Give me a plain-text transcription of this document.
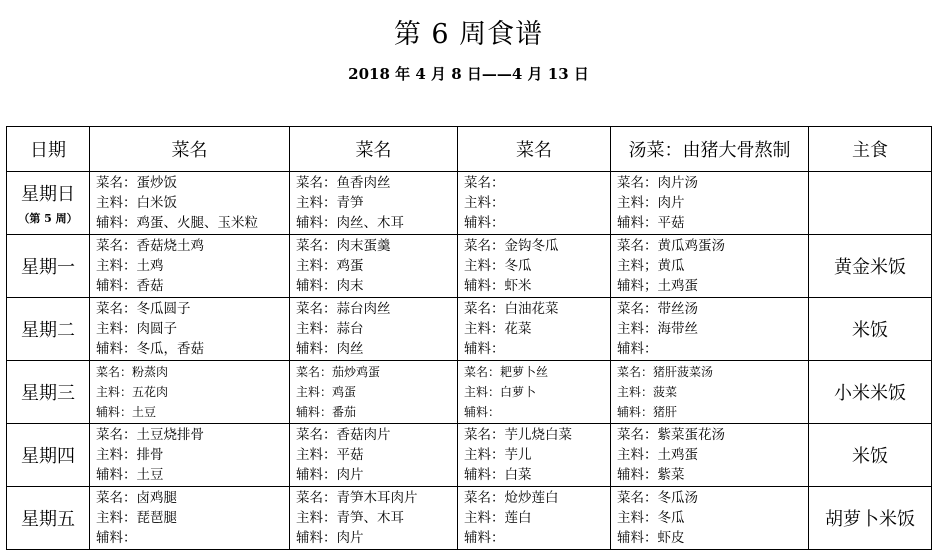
第 6 周食谱
2018 年 4 月 8 日——4 月 13 日
日期	菜名	菜名	菜名	汤菜：由猪大骨熬制	主食
星期日
（第 5 周）	菜名：蛋炒饭
主料：白米饭
辅料：鸡蛋、火腿、玉米粒	菜名：鱼香肉丝
主料：青笋
辅料：肉丝、木耳	菜名：
主料：
辅料：	菜名：肉片汤
主料：肉片
辅料：平菇	

星期一	菜名：香菇烧土鸡
主料：土鸡
辅料：香菇	菜名：肉末蛋羹
主料：鸡蛋
辅料：肉末	菜名：金钩冬瓜
主料：冬瓜
辅料：虾米	菜名：黄瓜鸡蛋汤
主料；黄瓜
辅料；土鸡蛋	黄金米饭
星期二	菜名：冬瓜圆子
主料：肉圆子
辅料：冬瓜，香菇	菜名：蒜台肉丝
主料：蒜台
辅料：肉丝	菜名：白油花菜
主料：花菜
辅料：	菜名：带丝汤
主料：海带丝
辅料：	米饭
星期三	菜名：粉蒸肉
主料：五花肉
辅料：土豆	菜名：茄炒鸡蛋
主料：鸡蛋
辅料：番茄	菜名：耙萝卜丝
主料：白萝卜
辅料：	菜名：猪肝菠菜汤
主料：菠菜
辅料：猪肝	小米米饭
星期四	菜名：土豆烧排骨
主料：排骨
辅料：土豆	菜名：香菇肉片
主料：平菇
辅料：肉片	菜名：芋儿烧白菜
主料：芋儿
辅料：白菜	菜名：紫菜蛋花汤
主料：土鸡蛋
辅料：紫菜	米饭
星期五	菜名：卤鸡腿
主料：琵琶腿
辅料：	菜名：青笋木耳肉片
主料：青笋、木耳
辅料：肉片	菜名：炝炒莲白
主料：莲白
辅料：	菜名：冬瓜汤
主料：冬瓜
辅料：虾皮	胡萝卜米饭
